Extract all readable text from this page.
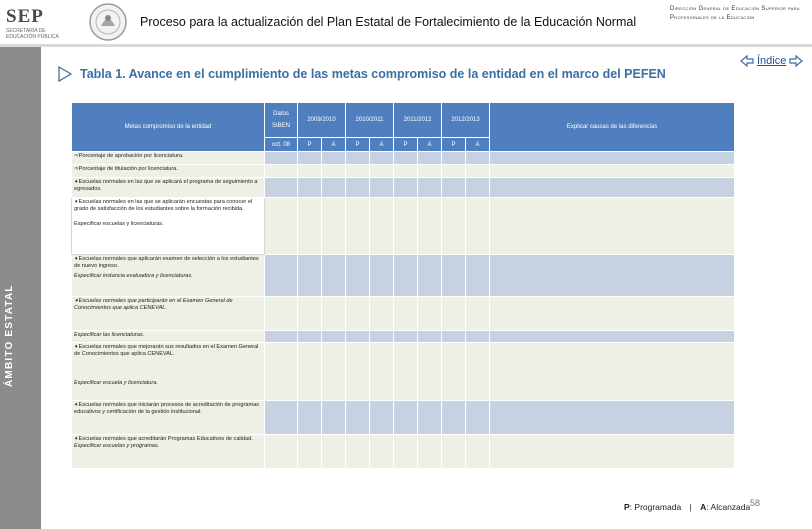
SEP
SECRETARÍA DE EDUCACIÓN PÚBLICA
Proceso para la actualización del Plan Estatal de Fortalecimiento de la Educación Normal
Dirección General de Educación Superior para Profesionales de la Educación
ÁMBITO ESTATAL
Índice
Tabla 1. Avance en el cumplimiento de las metas compromiso de la entidad en el marco del PEFEN
Metas compromiso de la entidad	Datos
SIBEN	2009/2010		2010/2011		2011/2012		2012/2013		Explicar causas de las diferencias
	oct. 08	P	A	P	A	P	A	P	A	
➾Porcentaje de aprobación por licenciatura.										
➾Porcentaje de titulación por licenciatura.										
➧Escuelas normales en las que se aplicará el programa de seguimiento a egresados.										

➧Escuelas normales en las que se aplicarán encuestas para conocer el grado de satisfacción de los estudiantes sobre la formación recibida.
Especificar escuelas y licenciaturas.										

➧Escuelas normales que aplicarán examen de selección a los estudiantes de nuevo ingreso.
Especificar instancia evaluadora y licenciaturas.										

➧Escuelas normales que participarán en el Examen General de Conocimientos que aplica CENEVAL										
Especificar las licenciaturas.										

➧Escuelas normales que mejorarán sus resultados en el Examen General de Conocimientos que aplica CENEVAL.
Especificar escuela y licenciatura.										

➧Escuelas normales que iniciarán procesos de acreditación de programas educativos y certificación de la gestión institucional.										

➧Escuelas normales que acreditarán Programas Educativos de calidad.
Especificar escuelas y programas.										

P: Programada | A: Alcanzada 58
